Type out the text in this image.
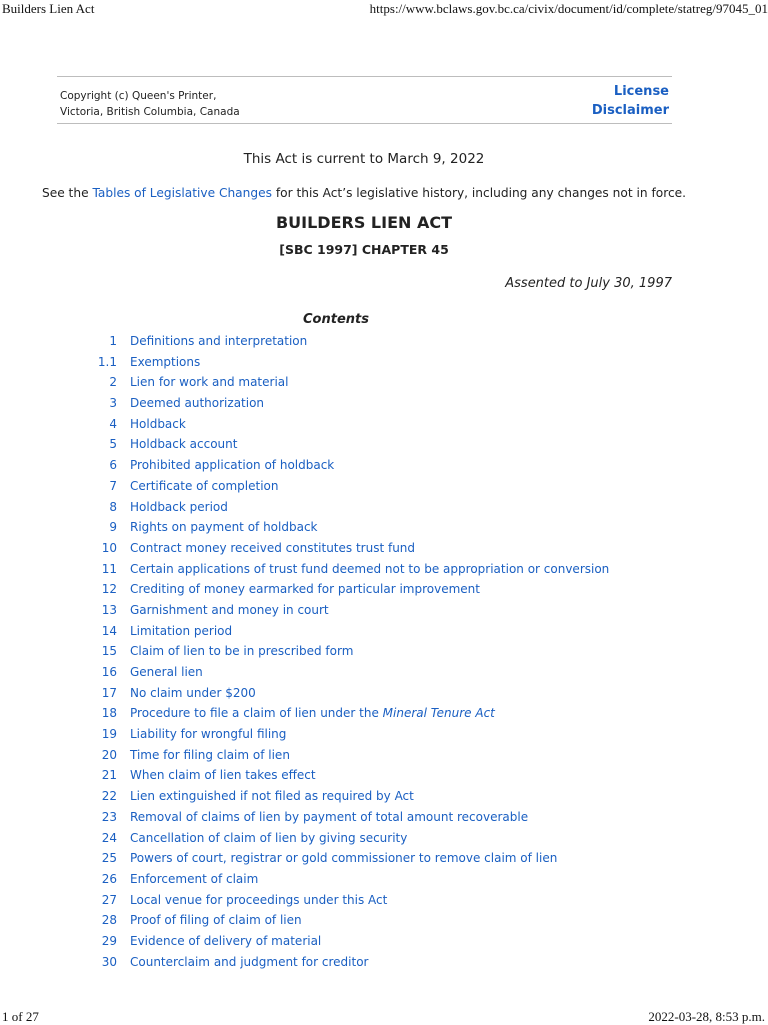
Builders Lien Act	https://www.bclaws.gov.bc.ca/civix/document/id/complete/statreg/97045_01
Copyright (c) Queen's Printer,
Victoria, British Columbia, Canada
License
Disclaimer
This Act is current to March 9, 2022
See the Tables of Legislative Changes for this Act’s legislative history, including any changes not in force.
BUILDERS LIEN ACT
[SBC 1997] CHAPTER 45
Assented to July 30, 1997
Contents
1 Definitions and interpretation
1.1 Exemptions
2 Lien for work and material
3 Deemed authorization
4 Holdback
5 Holdback account
6 Prohibited application of holdback
7 Certificate of completion
8 Holdback period
9 Rights on payment of holdback
10 Contract money received constitutes trust fund
11 Certain applications of trust fund deemed not to be appropriation or conversion
12 Crediting of money earmarked for particular improvement
13 Garnishment and money in court
14 Limitation period
15 Claim of lien to be in prescribed form
16 General lien
17 No claim under $200
18 Procedure to file a claim of lien under the Mineral Tenure Act
19 Liability for wrongful filing
20 Time for filing claim of lien
21 When claim of lien takes effect
22 Lien extinguished if not filed as required by Act
23 Removal of claims of lien by payment of total amount recoverable
24 Cancellation of claim of lien by giving security
25 Powers of court, registrar or gold commissioner to remove claim of lien
26 Enforcement of claim
27 Local venue for proceedings under this Act
28 Proof of filing of claim of lien
29 Evidence of delivery of material
30 Counterclaim and judgment for creditor
1 of 27	2022-03-28, 8:53 p.m.
